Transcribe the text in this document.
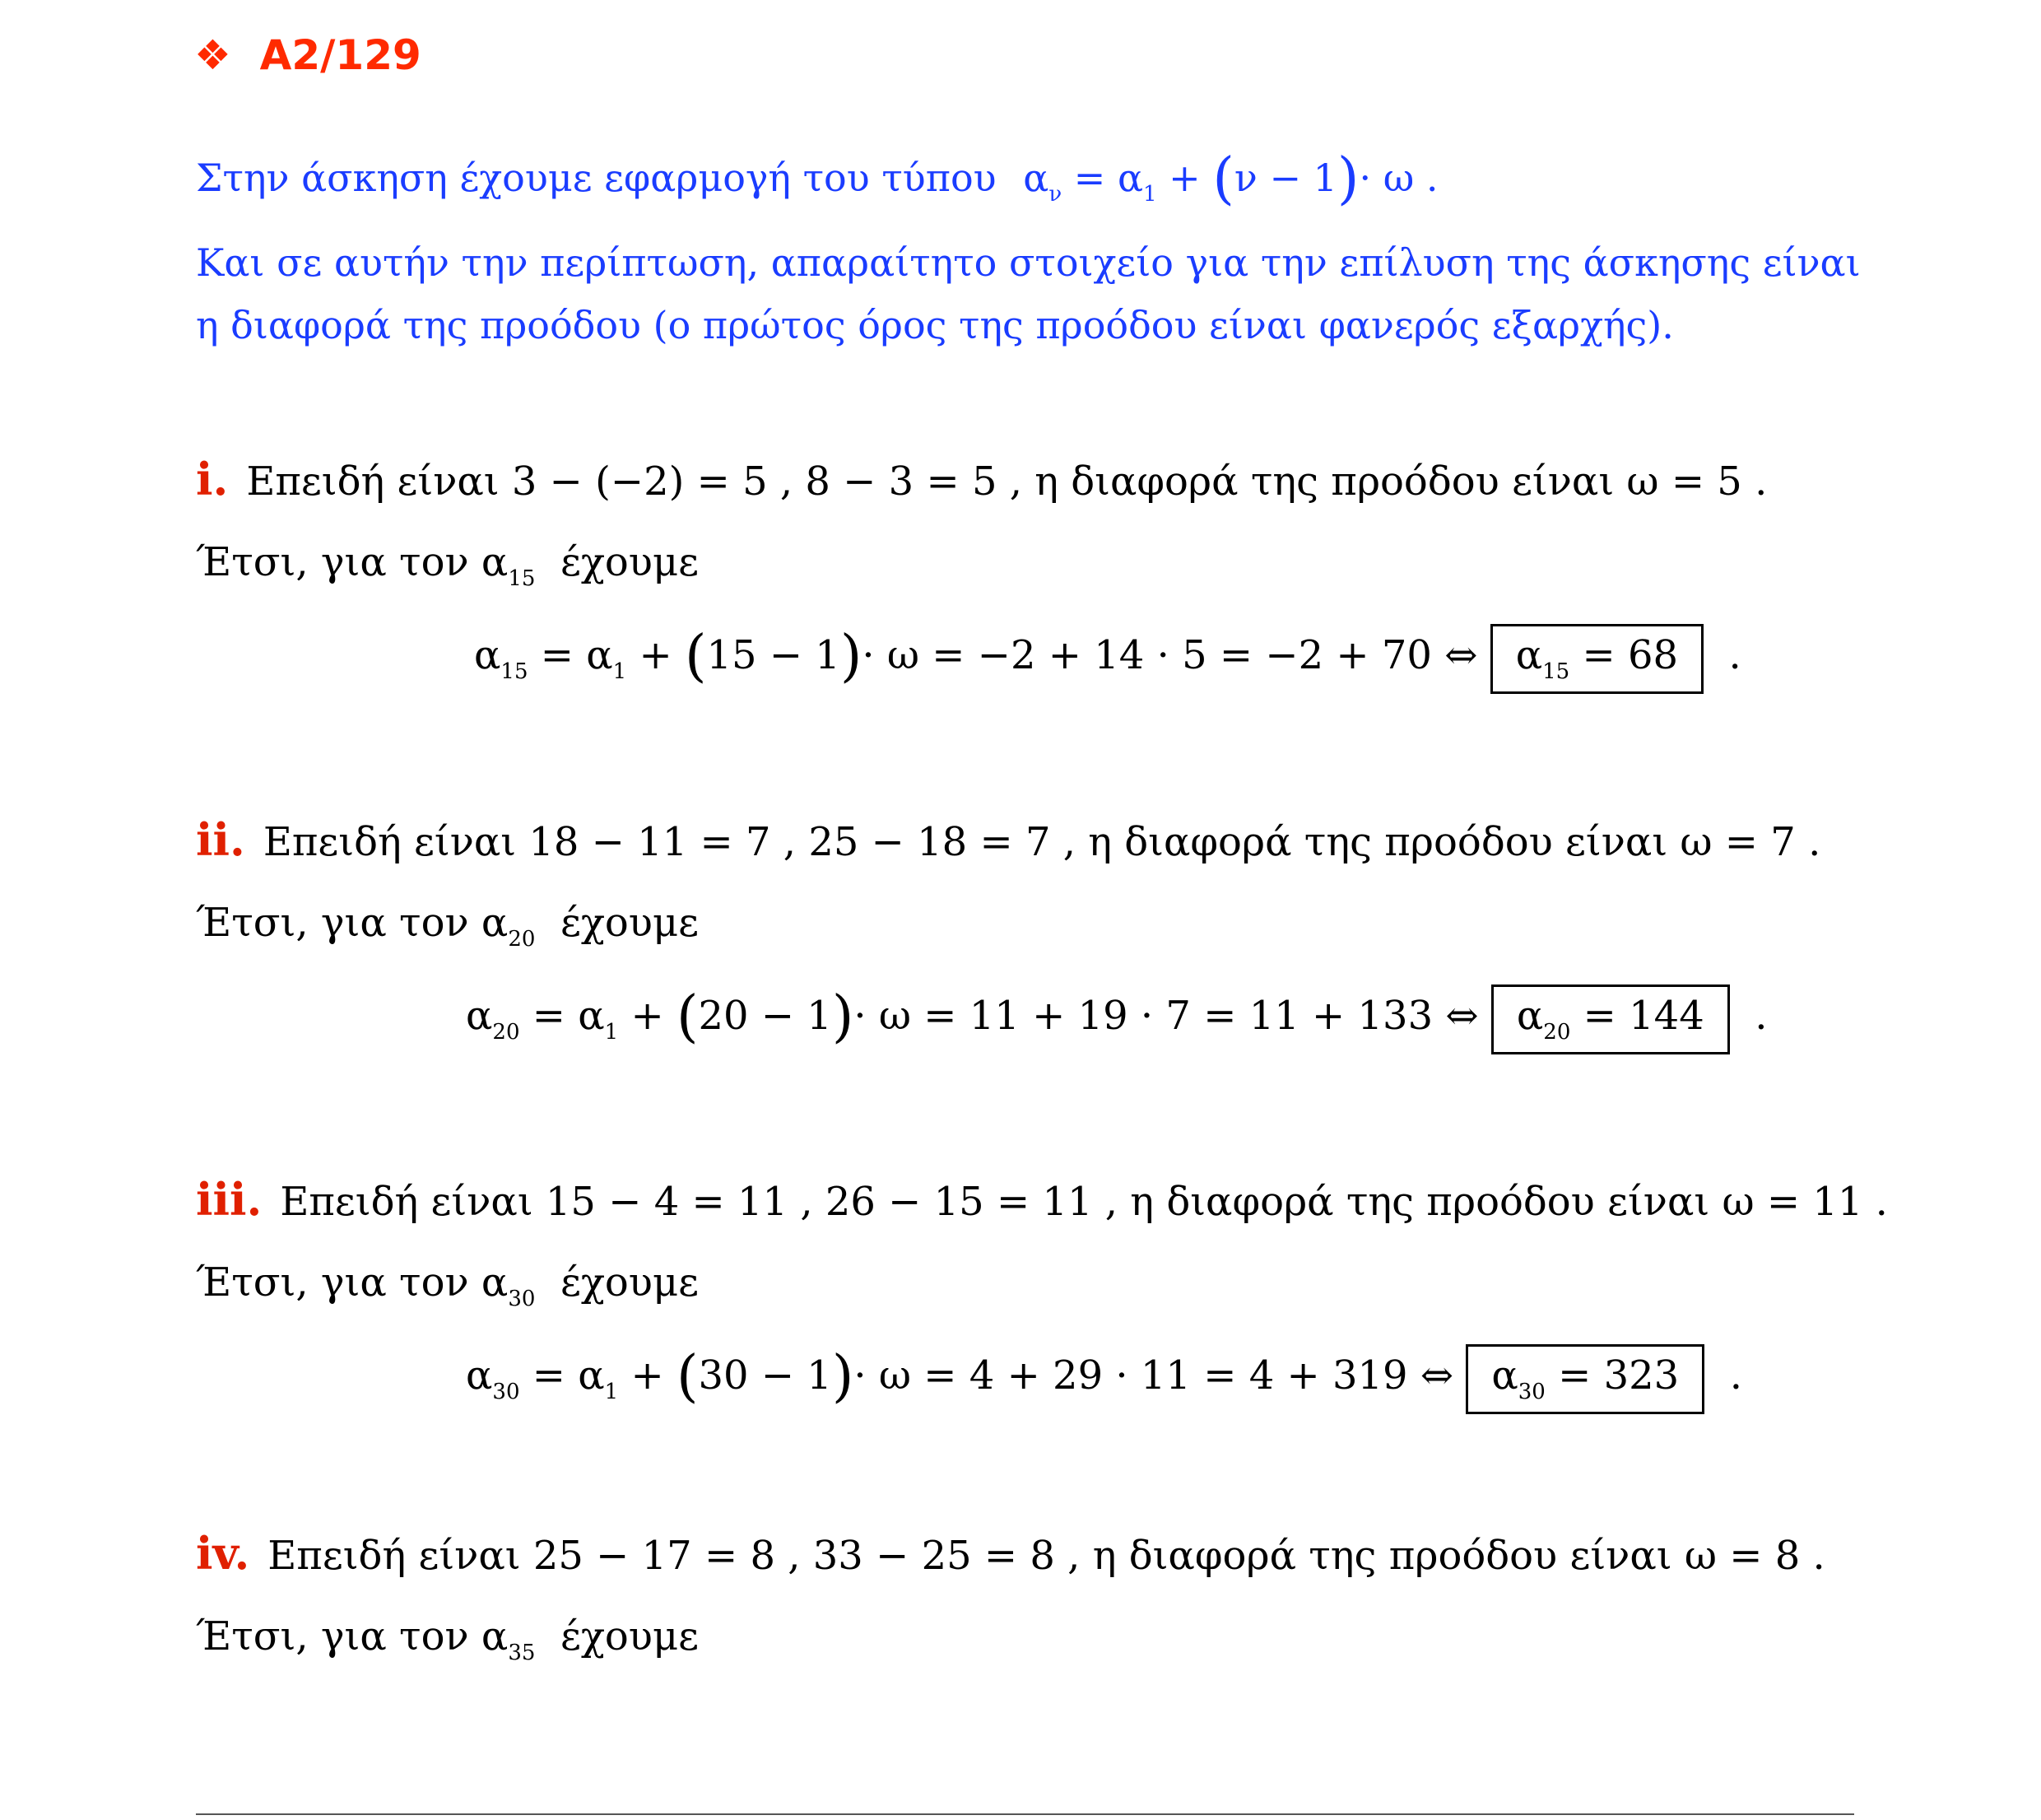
❖ A2/129
Στην άσκηση έχουμε εφαρμογή του τύπου $\alpha_\nu = \alpha_1 + (\nu - 1)\cdot \omega$ .
Και σε αυτήν την περίπτωση, απαραίτητο στοιχείο για την επίλυση της άσκησης είναι
η διαφορά της προόδου (ο πρώτος όρος της προόδου είναι φανερός εξαρχής).
i. Επειδή είναι 3 − (−2) = 5 , 8 − 3 = 5 , η διαφορά της προόδου είναι ω = 5 .
Έτσι, για τον $\alpha_{15}$ έχουμε
$\alpha_{15} = \alpha_1 + (15 - 1)\cdot \omega = -2 + 14 \cdot 5 = -2 + 70$ ⇔ $\alpha_{15} = 68$ .
ii. Επειδή είναι 18 − 11 = 7 , 25 − 18 = 7 , η διαφορά της προόδου είναι ω = 7 .
Έτσι, για τον $\alpha_{20}$ έχουμε
$\alpha_{20} = \alpha_1 + (20 - 1)\cdot \omega = 11 + 19 \cdot 7 = 11 + 133$ ⇔ $\alpha_{20} = 144$ .
iii. Επειδή είναι 15 − 4 = 11 , 26 − 15 = 11 , η διαφορά της προόδου είναι ω = 11 .
Έτσι, για τον $\alpha_{30}$ έχουμε
$\alpha_{30} = \alpha_1 + (30 - 1)\cdot \omega = 4 + 29 \cdot 11 = 4 + 319$ ⇔ $\alpha_{30} = 323$ .
iv. Επειδή είναι 25 − 17 = 8 , 33 − 25 = 8 , η διαφορά της προόδου είναι ω = 8 .
Έτσι, για τον $\alpha_{35}$ έχουμε
